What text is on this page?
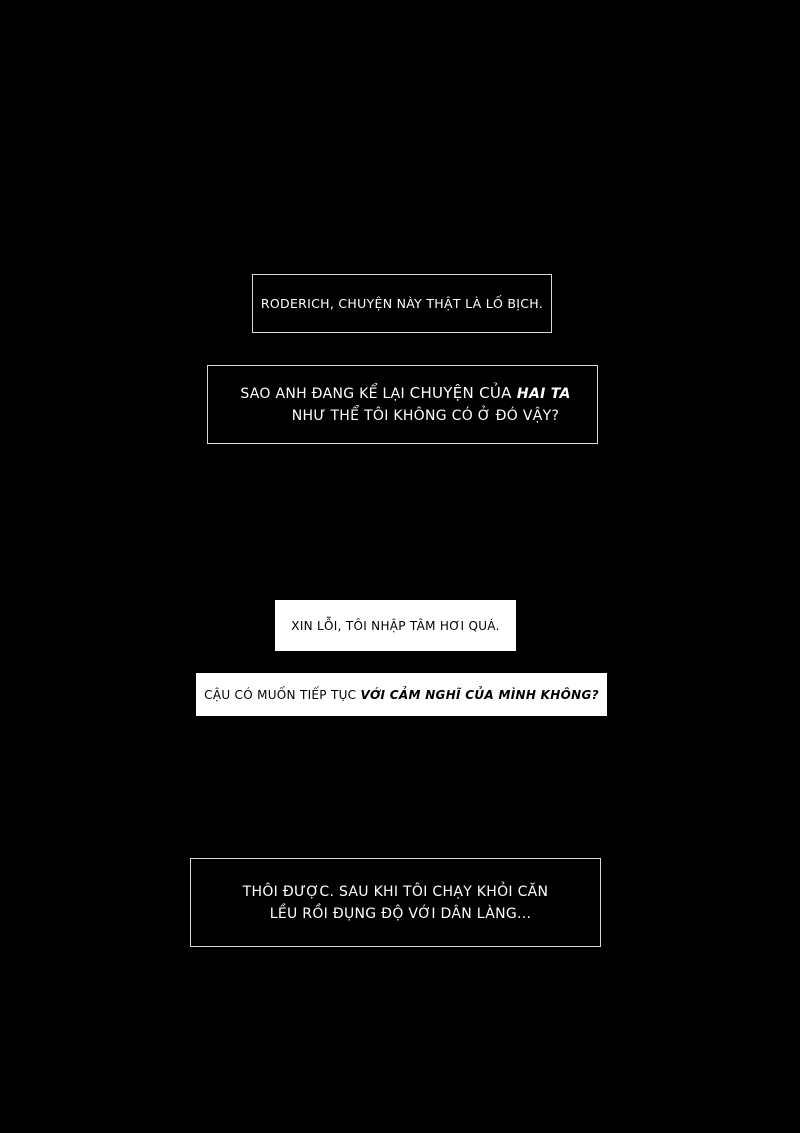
RODERICH, CHUYỆN NÀY THẬT LÀ LỐ BỊCH.
SAO ANH ĐANG KỂ LẠI CHUYỆN CỦA HAI TA
NHƯ THỂ TÔI KHÔNG CÓ Ở ĐÓ VẬY?
XIN LỖI, TÔI NHẬP TÂM HƠI QUÁ.
CẬU CÓ MUỐN TIẾP TỤC VỚI CẢM NGHĨ CỦA MÌNH KHÔNG?
THÔI ĐƯỢC. SAU KHI TÔI CHẠY KHỎI CĂN
LỀU RỒI ĐỤNG ĐỘ VỚI DÂN LÀNG...
